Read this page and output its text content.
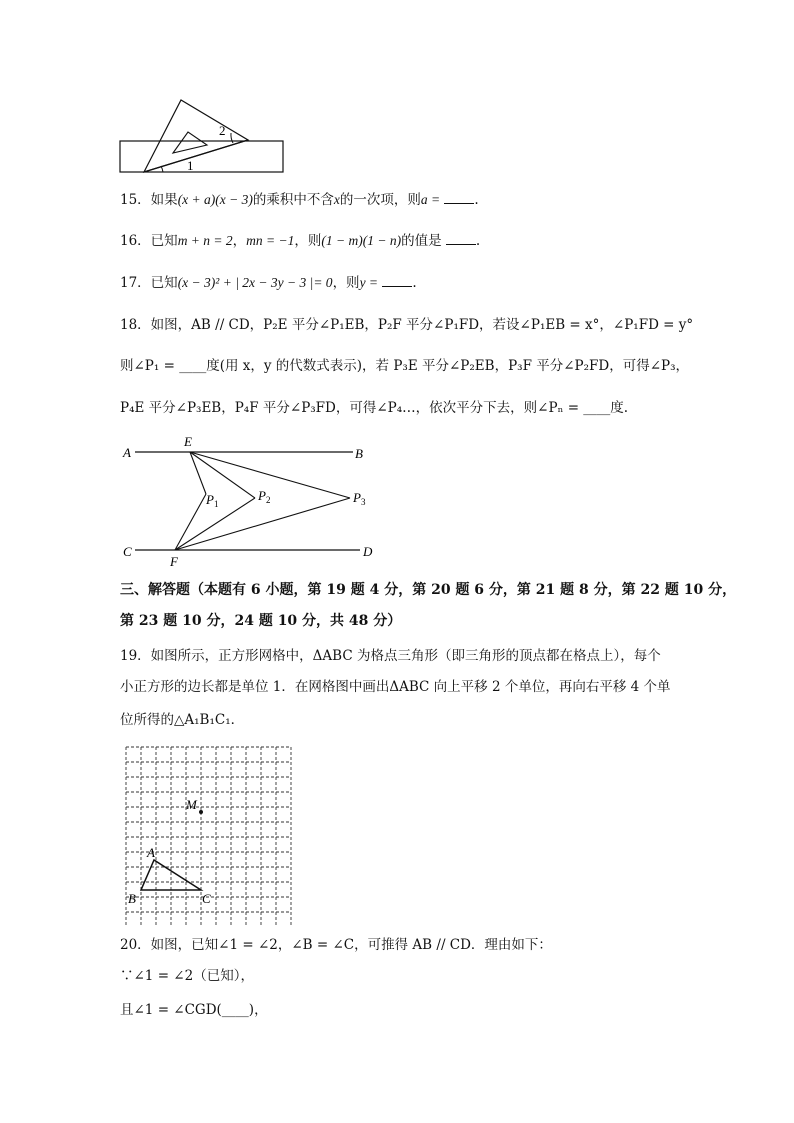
1
2
15．如果(x + a)(x − 3)的乘积中不含x的一次项，则a =	.
16．已知m + n = 2，mn = −1，则(1 − m)(1 − n)的值是	.
17．已知(x − 3)² + | 2x − 3y − 3 |= 0，则y =	.
18．如图，AB // CD，P₂E 平分∠P₁EB，P₂F 平分∠P₁FD，若设∠P₁EB = x°，∠P₁FD = y°
则∠P₁ = ____度(用 x，y 的代数式表示)，若 P₃E 平分∠P₂EB，P₃F 平分∠P₂FD，可得∠P₃，
P₄E 平分∠P₃EB，P₄F 平分∠P₃FD，可得∠P₄…，依次平分下去，则∠Pₙ = ____度.
A	B
C	D
E
F
$P_1$
$P_2$	$P_3$
三、解答题（本题有 6 小题，第 19 题 4 分，第 20 题 6 分，第 21 题 8 分，第 22 题 10 分，
第 23 题 10 分，24 题 10 分，共 48 分）
19．如图所示，正方形网格中，ΔABC 为格点三角形（即三角形的顶点都在格点上），每个
小正方形的边长都是单位 1．在网格图中画出ΔABC 向上平移 2 个单位，再向右平移 4 个单
位所得的△A₁B₁C₁．
M
A
B	C
20．如图，已知∠1 = ∠2，∠B = ∠C，可推得 AB // CD．理由如下：
∵∠1 = ∠2（已知），
且∠1 = ∠CGD(____)，
